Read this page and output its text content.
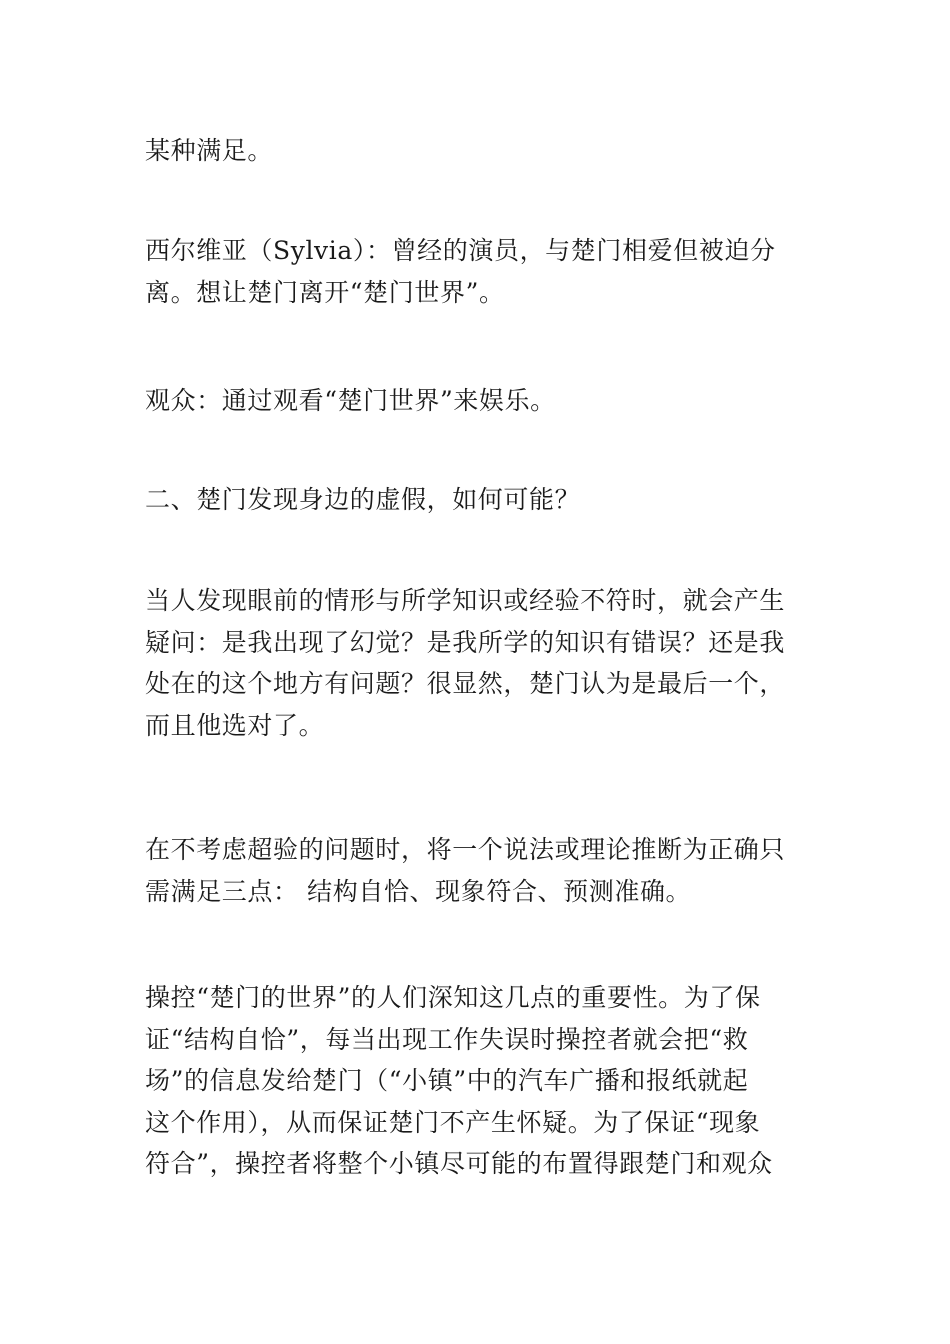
某种满足。

西尔维亚（Sylvia）：曾经的演员，与楚门相爱但被迫分
离。想让楚门离开“楚门世界”。

观众：通过观看“楚门世界”来娱乐。

二、楚门发现身边的虚假，如何可能？

当人发现眼前的情形与所学知识或经验不符时，就会产生
疑问：是我出现了幻觉？是我所学的知识有错误？还是我
处在的这个地方有问题？很显然，楚门认为是最后一个，
而且他选对了。

在不考虑超验的问题时，将一个说法或理论推断为正确只
需满足三点： 结构自恰、现象符合、预测准确。

操控“楚门的世界”的人们深知这几点的重要性。为了保
证“结构自恰”，每当出现工作失误时操控者就会把“救
场”的信息发给楚门（“小镇”中的汽车广播和报纸就起
这个作用），从而保证楚门不产生怀疑。为了保证“现象
符合”，操控者将整个小镇尽可能的布置得跟楚门和观众
